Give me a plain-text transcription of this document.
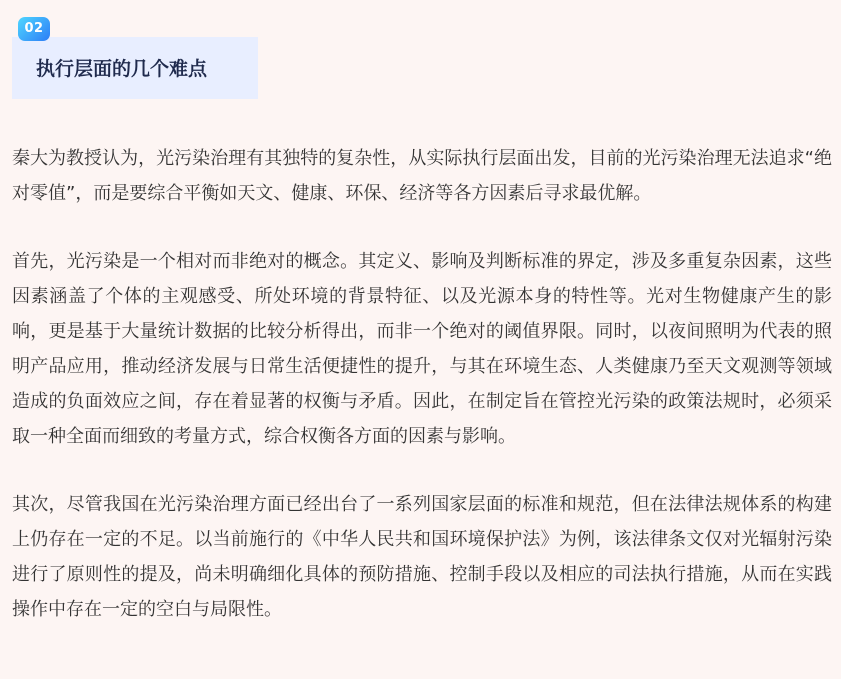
02
执行层面的几个难点

秦大为教授认为，光污染治理有其独特的复杂性，从实际执行层面出发，目前的光污染治理无法追求“绝对零值”，而是要综合平衡如天文、健康、环保、经济等各方因素后寻求最优解。

首先，光污染是一个相对而非绝对的概念。其定义、影响及判断标准的界定，涉及多重复杂因素，这些因素涵盖了个体的主观感受、所处环境的背景特征、以及光源本身的特性等。光对生物健康产生的影响，更是基于大量统计数据的比较分析得出，而非一个绝对的阈值界限。同时，以夜间照明为代表的照明产品应用，推动经济发展与日常生活便捷性的提升，与其在环境生态、人类健康乃至天文观测等领域造成的负面效应之间，存在着显著的权衡与矛盾。因此，在制定旨在管控光污染的政策法规时，必须采取一种全面而细致的考量方式，综合权衡各方面的因素与影响。

其次，尽管我国在光污染治理方面已经出台了一系列国家层面的标准和规范，但在法律法规体系的构建上仍存在一定的不足。以当前施行的《中华人民共和国环境保护法》为例，该法律条文仅对光辐射污染进行了原则性的提及，尚未明确细化具体的预防措施、控制手段以及相应的司法执行措施，从而在实践操作中存在一定的空白与局限性。
